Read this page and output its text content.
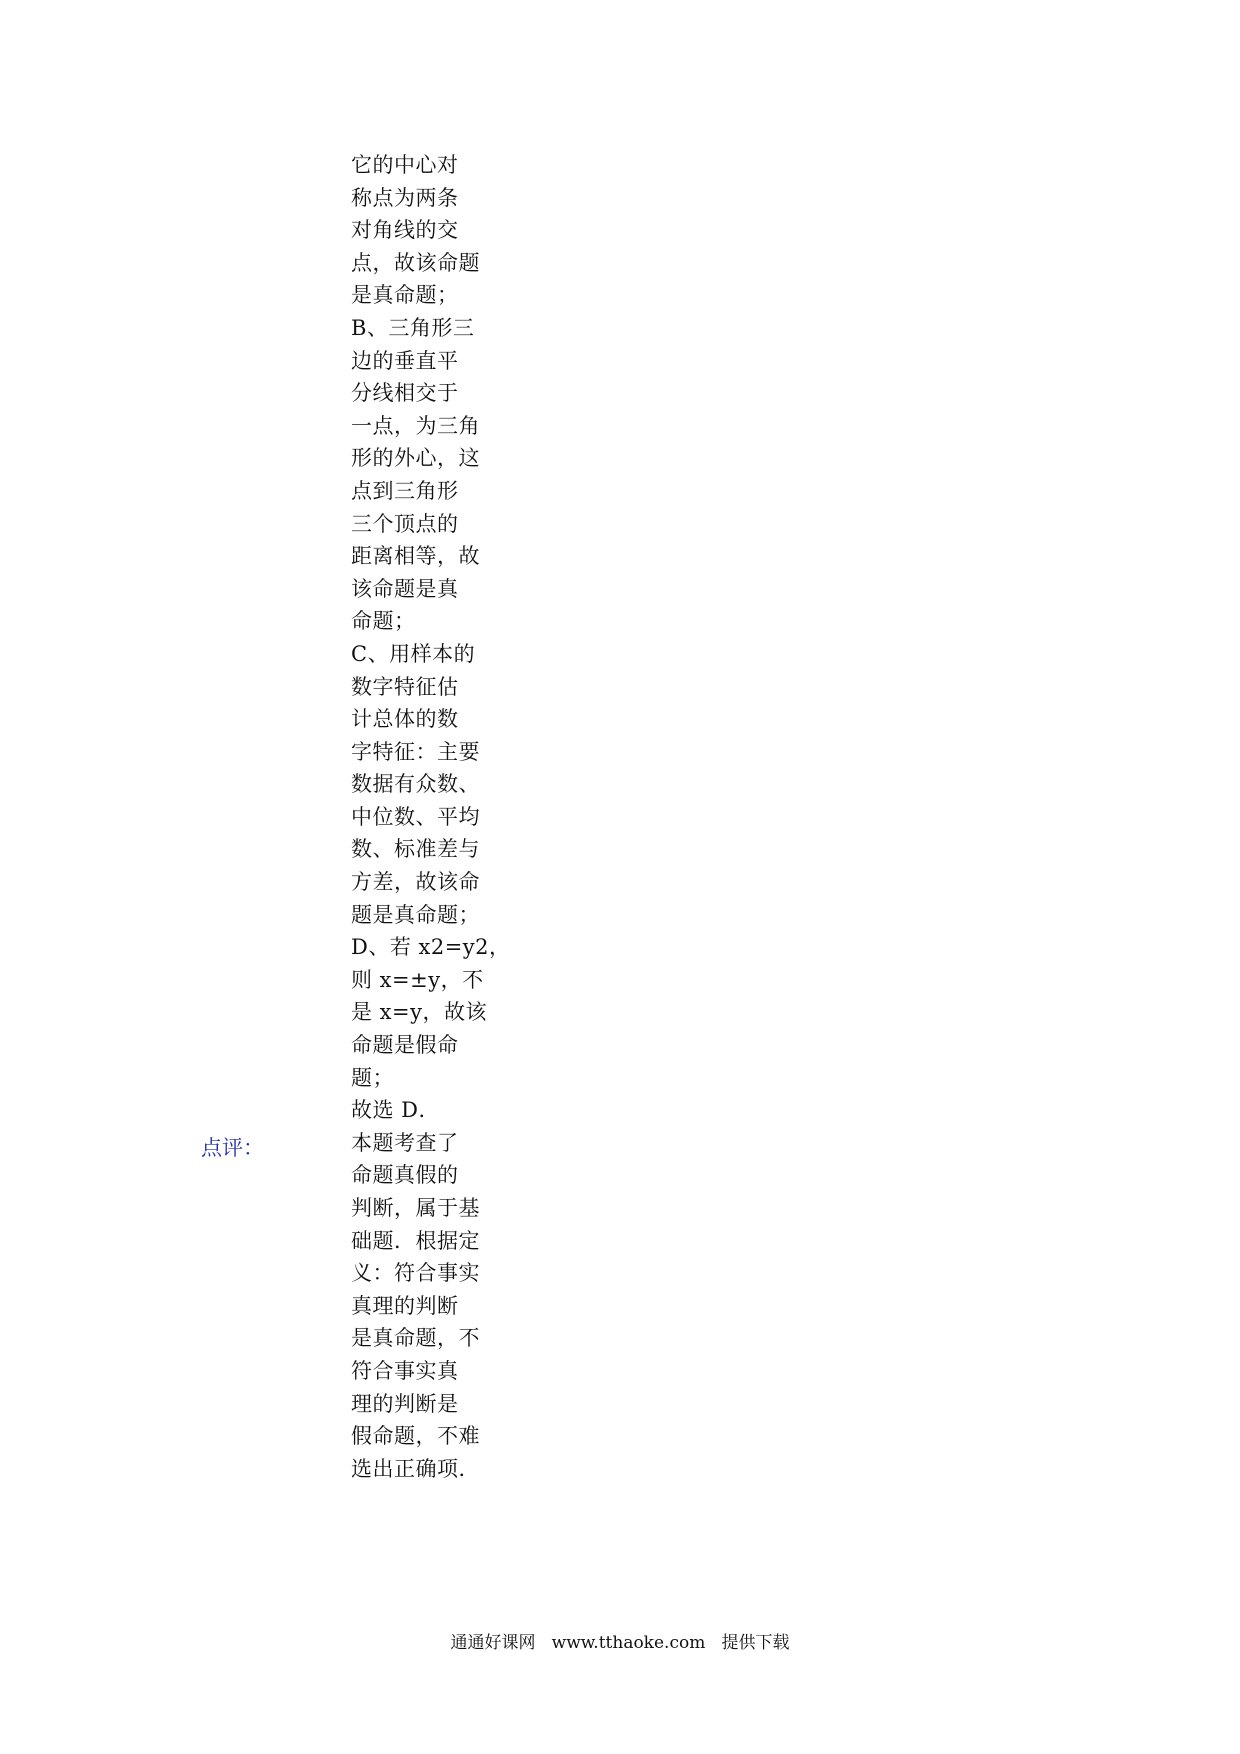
它的中心对
称点为两条
对角线的交
点，故该命题
是真命题；
B、三角形三
边的垂直平
分线相交于
一点，为三角
形的外心，这
点到三角形
三个顶点的
距离相等，故
该命题是真
命题；
C、用样本的
数字特征估
计总体的数
字特征：主要
数据有众数、
中位数、平均
数、标准差与
方差，故该命
题是真命题；
D、若 x2=y2，
则 x=±y，不
是 x=y，故该
命题是假命
题；
故选 D．
本题考查了
命题真假的
判断，属于基
础题．根据定
义：符合事实
真理的判断
是真命题，不
符合事实真
理的判断是
假命题，不难
选出正确项．
点评：
通通好课网   www.tthaoke.com   提供下载
